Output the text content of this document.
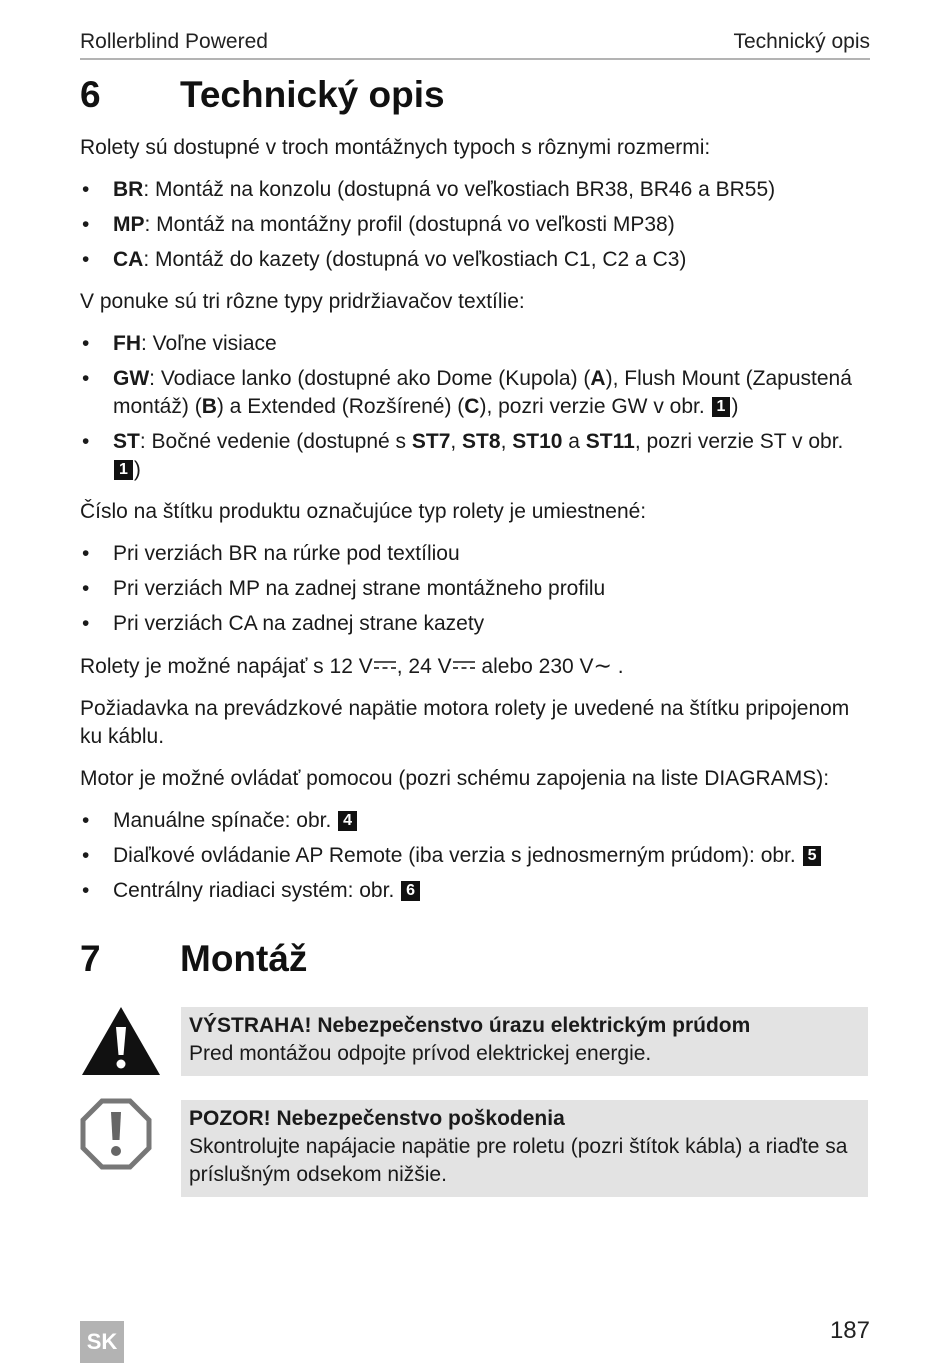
Rollerblind Powered	Technický opis
6 Technický opis

Rolety sú dostupné v troch montážnych typoch s rôznymi rozmermi:

• BR: Montáž na konzolu (dostupná vo veľkostiach BR38, BR46 a BR55)
• MP: Montáž na montážny profil (dostupná vo veľkosti MP38)
• CA: Montáž do kazety (dostupná vo veľkostiach C1, C2 a C3)

V ponuke sú tri rôzne typy pridržiavačov textílie:

• FH: Voľne visiace
• GW: Vodiace lanko (dostupné ako Dome (Kupola) (A), Flush Mount (Zapustená montáž) (B) a Extended (Rozšírené) (C), pozri verzie GW v obr. 1 )
• ST: Bočné vedenie (dostupné s ST7, ST8, ST10 a ST11, pozri verzie ST v obr. 1 )

Číslo na štítku produktu označujúce typ rolety je umiestnené:

• Pri verziách BR na rúrke pod textíliou
• Pri verziách MP na zadnej strane montážneho profilu
• Pri verziách CA na zadnej strane kazety

Rolety je možné napájať s 12 V , 24 V alebo 230 V∼ .

Požiadavka na prevádzkové napätie motora rolety je uvedené na štítku pripojenom ku káblu.

Motor je možné ovládať pomocou (pozri schému zapojenia na liste DIAGRAMS):

• Manuálne spínače: obr. 4
• Diaľkové ovládanie AP Remote (iba verzia s jednosmerným prúdom): obr. 5
• Centrálny riadiaci systém: obr. 6
7 Montáž
VÝSTRAHA! Nebezpečenstvo úrazu elektrickým prúdom
Pred montážou odpojte prívod elektrickej energie.
POZOR! Nebezpečenstvo poškodenia
Skontrolujte napájacie napätie pre roletu (pozri štítok kábla) a riaďte sa príslušným odsekom nižšie.
SK	187
